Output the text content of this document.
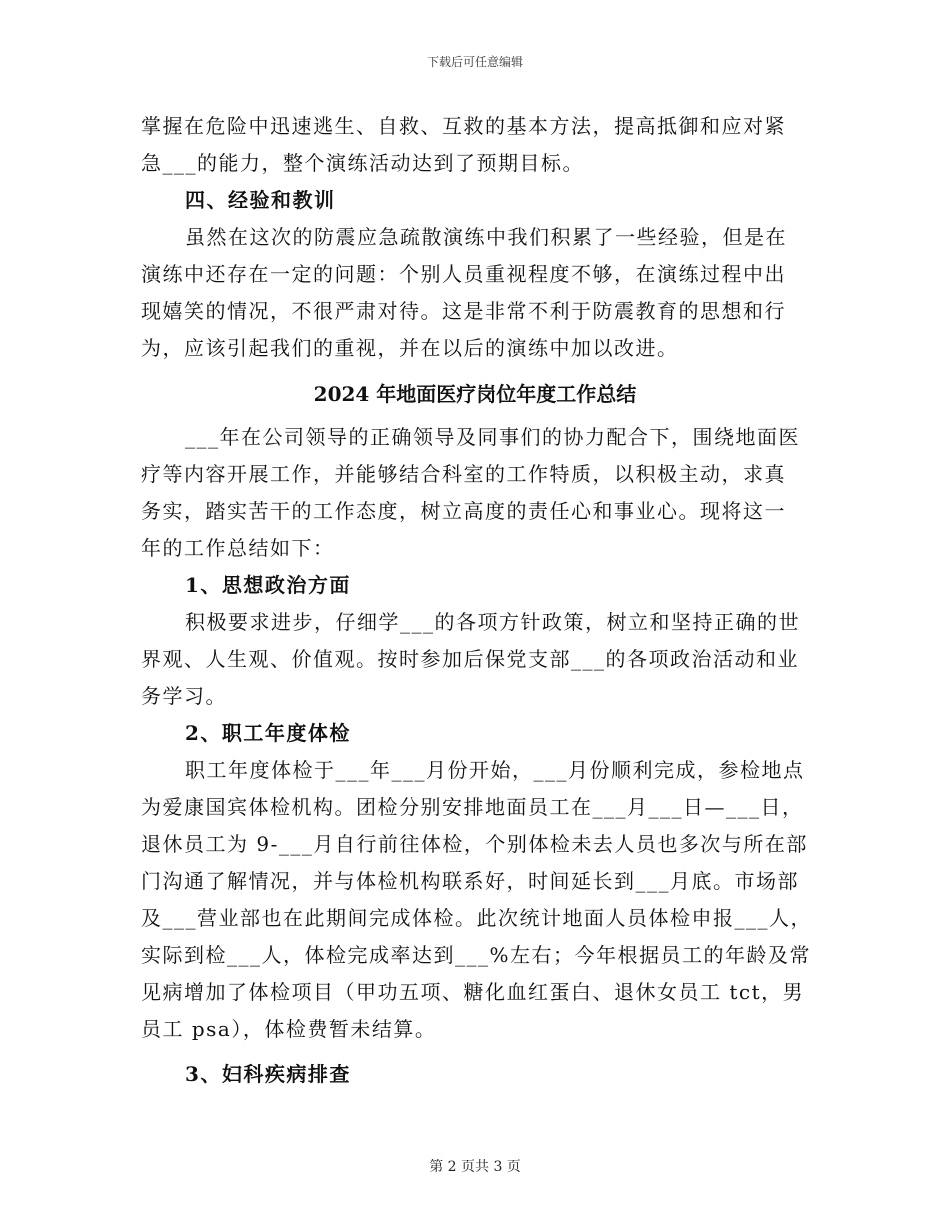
下载后可任意编辑
掌握在危险中迅速逃生、自救、互救的基本方法，提高抵御和应对紧
急___的能力，整个演练活动达到了预期目标。
四、经验和教训
虽然在这次的防震应急疏散演练中我们积累了一些经验，但是在
演练中还存在一定的问题：个别人员重视程度不够，在演练过程中出
现嬉笑的情况，不很严肃对待。这是非常不利于防震教育的思想和行
为，应该引起我们的重视，并在以后的演练中加以改进。
2024 年地面医疗岗位年度工作总结
___年在公司领导的正确领导及同事们的协力配合下，围绕地面医
疗等内容开展工作，并能够结合科室的工作特质，以积极主动，求真
务实，踏实苦干的工作态度，树立高度的责任心和事业心。现将这一
年的工作总结如下：
1、思想政治方面
积极要求进步，仔细学___的各项方针政策，树立和坚持正确的世
界观、人生观、价值观。按时参加后保党支部___的各项政治活动和业
务学习。
2、职工年度体检
职工年度体检于___年___月份开始，___月份顺利完成，参检地点
为爱康国宾体检机构。团检分别安排地面员工在___月___日—___日，
退休员工为 9-___月自行前往体检，个别体检未去人员也多次与所在部
门沟通了解情况，并与体检机构联系好，时间延长到___月底。市场部
及___营业部也在此期间完成体检。此次统计地面人员体检申报___人，
实际到检___人，体检完成率达到___%左右；今年根据员工的年龄及常
见病增加了体检项目（甲功五项、糖化血红蛋白、退休女员工 tct，男
员工 psa），体检费暂未结算。
3、妇科疾病排查
第 2 页共 3 页
